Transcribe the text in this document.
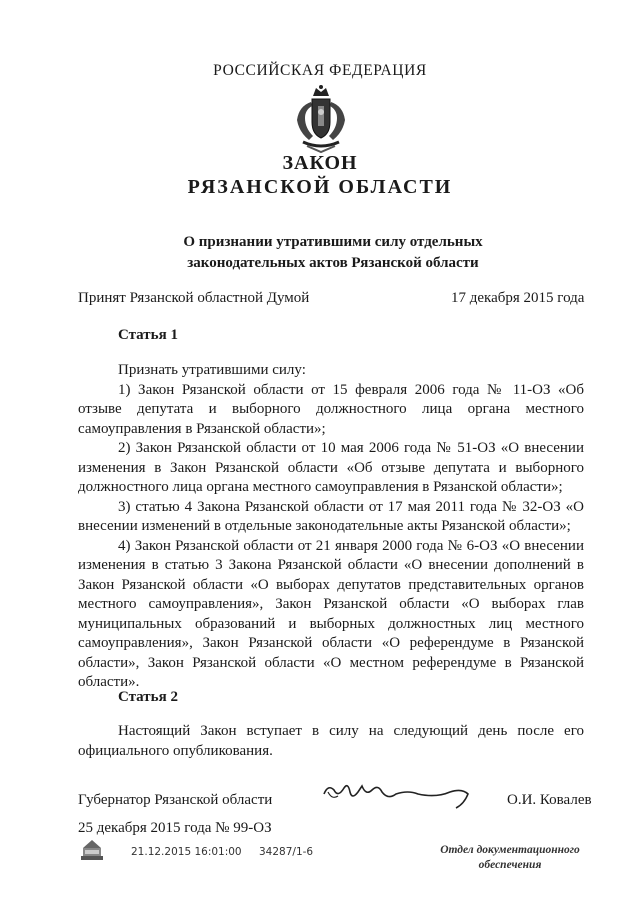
РОССИЙСКАЯ ФЕДЕРАЦИЯ
ЗАКОН
РЯЗАНСКОЙ ОБЛАСТИ
О признании утратившими силу отдельных
законодательных актов Рязанской области
Принят Рязанской областной Думой	17 декабря 2015 года
Статья 1

Признать утратившими силу:

1) Закон Рязанской области от 15 февраля 2006 года № 11-ОЗ «Об отзыве депутата и выборного должностного лица органа местного самоуправления в Рязанской области»;

2) Закон Рязанской области от 10 мая 2006 года № 51-ОЗ «О внесении изменения в Закон Рязанской области «Об отзыве депутата и выборного должностного лица органа местного самоуправления в Рязанской области»;

3) статью 4 Закона Рязанской области от 17 мая 2011 года № 32-ОЗ «О внесении изменений в отдельные законодательные акты Рязанской области»;

4) Закон Рязанской области от 21 января 2000 года № 6-ОЗ «О внесении изменения в статью 3 Закона Рязанской области «О внесении дополнений в Закон Рязанской области «О выборах депутатов представительных органов местного самоуправления», Закон Рязанской области «О выборах глав муниципальных образований и выборных должностных лиц местного самоуправления», Закон Рязанской области «О референдуме в Рязанской области», Закон Рязанской области «О местном референдуме в Рязанской области».

Статья 2

Настоящий Закон вступает в силу на следующий день после его официального опубликования.

Губернатор Рязанской области	О.И. Ковалев
25 декабря 2015 года № 99-ОЗ
21.12.2015 16:01:00 34287/1-6	Отдел документационного
обеспечения
